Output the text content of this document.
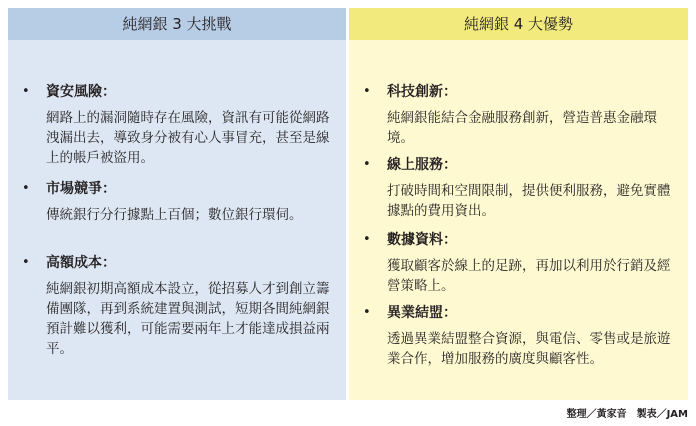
純網銀 3 大挑戰
• 資安風險：
網路上的漏洞隨時存在風險，資訊有可能從網路洩漏出去，導致身分被有心人事冒充，甚至是線上的帳戶被盜用。
• 市場競爭：
傳統銀行分行據點上百個；數位銀行環伺。
• 高額成本：
純網銀初期高額成本設立，從招募人才到創立籌備團隊，再到系統建置與測試，短期各間純網銀預計難以獲利，可能需要兩年上才能達成損益兩平。
純網銀 4 大優勢
• 科技創新：
純網銀能結合金融服務創新，營造普惠金融環境。
• 線上服務：
打破時間和空間限制，提供便利服務，避免實體據點的費用資出。
• 數據資料：
獲取顧客於線上的足跡，再加以利用於行銷及經營策略上。
• 異業結盟：
透過異業結盟整合資源，與電信、零售或是旅遊業合作，增加服務的廣度與顧客性。
整理／黃家音　製表／JAM
